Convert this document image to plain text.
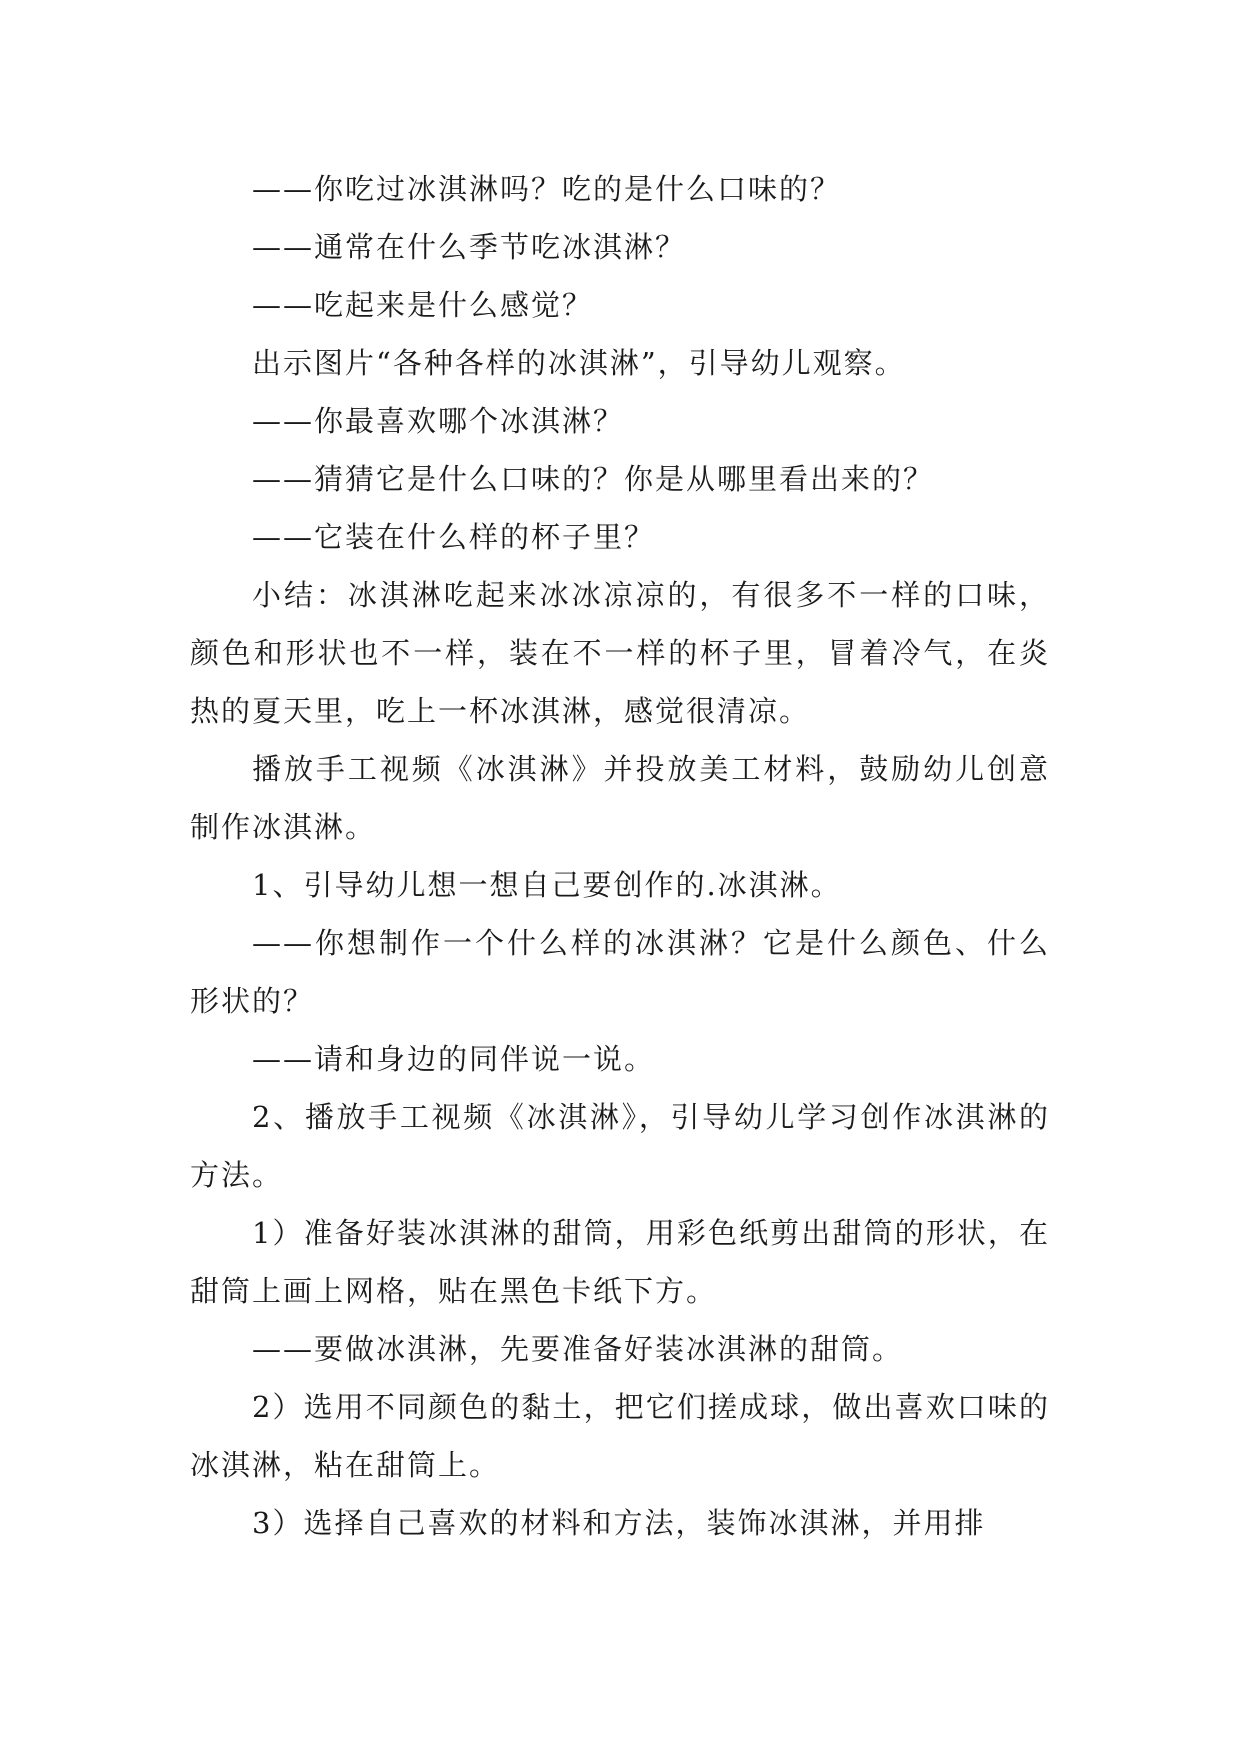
——你吃过冰淇淋吗？吃的是什么口味的？

——通常在什么季节吃冰淇淋？

——吃起来是什么感觉？

出示图片“各种各样的冰淇淋”，引导幼儿观察。

——你最喜欢哪个冰淇淋？

——猜猜它是什么口味的？你是从哪里看出来的？

——它装在什么样的杯子里？

小结：冰淇淋吃起来冰冰凉凉的，有很多不一样的口味，颜色和形状也不一样，装在不一样的杯子里，冒着冷气，在炎热的夏天里，吃上一杯冰淇淋，感觉很清凉。

播放手工视频《冰淇淋》并投放美工材料，鼓励幼儿创意制作冰淇淋。

1、引导幼儿想一想自己要创作的.冰淇淋。

——你想制作一个什么样的冰淇淋？它是什么颜色、什么形状的？

——请和身边的同伴说一说。

2、播放手工视频《冰淇淋》，引导幼儿学习创作冰淇淋的方法。

1）准备好装冰淇淋的甜筒，用彩色纸剪出甜筒的形状，在甜筒上画上网格，贴在黑色卡纸下方。

——要做冰淇淋，先要准备好装冰淇淋的甜筒。

2）选用不同颜色的黏土，把它们搓成球，做出喜欢口味的冰淇淋，粘在甜筒上。

3）选择自己喜欢的材料和方法，装饰冰淇淋，并用排
